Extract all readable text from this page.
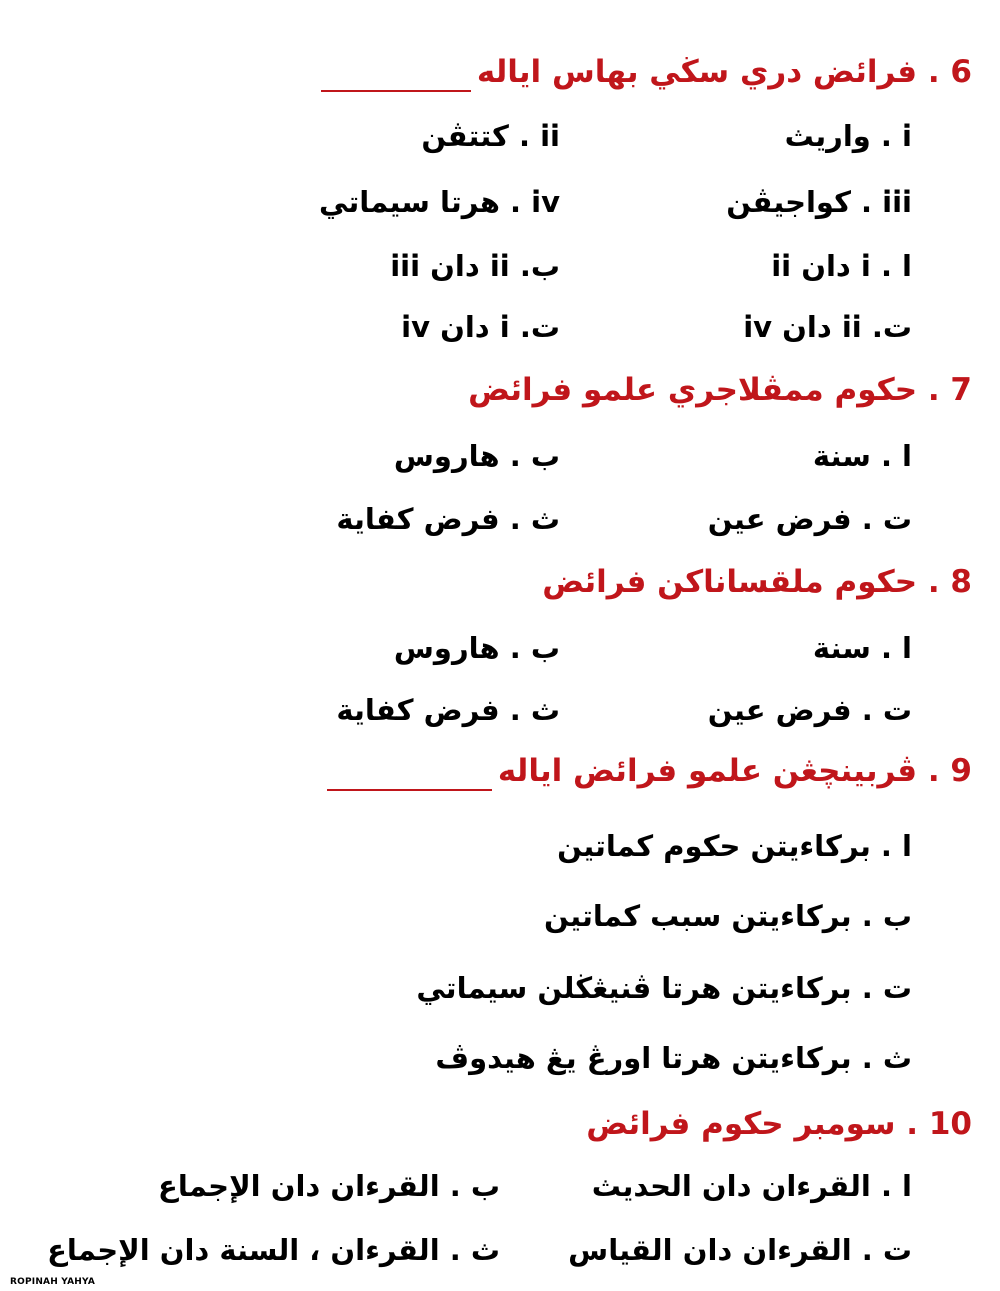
6 . فرائض دري سڬي بهاس اياله
i . واريث
ii . كتتڤن
iii . كواجيڤن
iv . هرتا سيماتي
ا . i دان ii
ب. ii دان iii
ت. ii دان iv
ت. i دان iv
7 . حكوم ممڤلاجري علمو فرائض
ا . سنة
ب . هاروس
ت . فرض عين
ث . فرض كفاية
8 . حكوم ملقساناكن فرائض
ا . سنة
ب . هاروس
ت . فرض عين
ث . فرض كفاية
9 . ڤربينچڠن علمو فرائض اياله
ا . بركاءيتن حكوم كماتين
ب . بركاءيتن سبب كماتين
ت . بركاءيتن هرتا ڤنيڠڬلن سيماتي
ث . بركاءيتن هرتا اورڠ يڠ هيدوڤ
10 . سومبر حكوم فرائض
ا . القرءان دان الحديث
ب . القرءان دان الإجماع
ت . القرءان دان القياس
ث . القرءان ، السنة دان الإجماع
ROPINAH YAHYA
